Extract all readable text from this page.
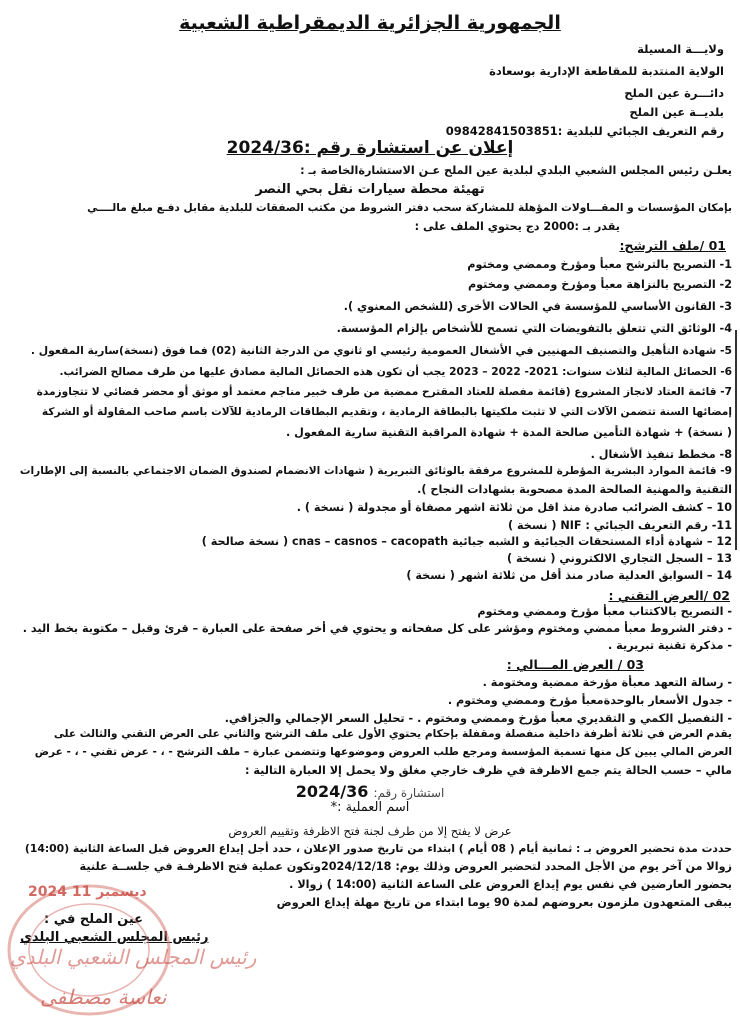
الجمهورية الجزائرية الديمقراطية الشعبية
ولايـــة المسيلة
الولاية المنتدبة للمقاطعة الإدارية بوسعادة
دائـــرة عين الملح
بلديــة عين الملح
رقم التعريف الجبائي للبلدية :09842841503851
إعلان عن استشارة رقم :2024/36
يعلـن رئيس المجلس الشعبي البلدي لبلدية عين الملح عـن الاستشارةالخاصة بـ :
تهيئة محطة سيارات نقل بحي النصر
بإمكان المؤسسات و المقـــاولات المؤهلة للمشاركة سحب دفتر الشروط من مكتب الصفقات للبلدية مقابل دفـع مبلغ مالــــي
يقدر بـ :2000 دج يحتوي الملف على :
01 /ملف الترشح:
1- التصريح بالترشح معبأ ومؤرخ وممضي ومختوم
2- التصريح بالنزاهة معبأ ومؤرخ وممضي ومختوم
3- القانون الأساسي للمؤسسة في الحالات الأخرى (للشخص المعنوي ).
4- الوثائق التي تتعلق بالتفويضات التي تسمح للأشخاص بإلزام المؤسسة.
5- شهادة التأهيل والتصنيف المهنيين في الأشغال العمومية رئيسي او ثانوي من الدرجة الثانية (02) فما فوق (نسخة)سارية المفعول .
6- الحصائل المالية لثلاث سنوات: 2021- 2022 – 2023 يجب أن تكون هذه الحصائل المالية مصادق عليها من طرف مصالح الضرائب.
7- قائمة العتاد لانجاز المشروع (قائمة مفصلة للعتاد المقترح ممضية من طرف خبير مناجم معتمد أو موثق أو محضر قضائي لا تتجاوزمدة
إمضائها السنة تتضمن الآلات التي لا تثبت ملكيتها بالبطاقة الرمادية ، وتقديم البطاقات الرمادية للآلات باسم صاحب المقاولة أو الشركة
( نسخة) + شهادة التأمين صالحة المدة + شهادة المراقبة التقنية سارية المفعول .
8- مخطط تنفيذ الأشغال .
9- قائمة الموارد البشرية المؤطرة للمشروع مرفقة بالوثائق التبريرية ( شهادات الانضمام لصندوق الضمان الاجتماعي بالنسبة إلى الإطارات
التقنية والمهنية الصالحة المدة مصحوبة بشهادات النجاح ).
10 – كشف الضرائب صادرة منذ اقل من ثلاثة اشهر مصفاة أو مجدولة ( نسخة ) .
11- رقم التعريف الجبائي : NIF ( نسخة )
12 – شهادة أداء المستحقات الجبائية و الشبه جبائية cnas – casnos – cacopath ( نسخة صالحة )
13 – السجل التجاري الالكتروني ( نسخة )
14 – السوابق العدلية صادر منذ أقل من ثلاثة اشهر ( نسخة )
02 /العرض التقني :
- التصريح بالاكتتاب معبأ مؤرخ وممضي ومختوم
- دفتر الشروط معبأ ممضي ومختوم ومؤشر على كل صفحاته و يحتوي في أخر صفحة على العبارة – قرئ وقبل – مكتوبة بخط اليد .
- مذكرة تقنية تبريرية .
03 / العرض المـــالي :
- رسالة التعهد معبأة مؤرخة ممضية ومختومة .
- جدول الأسعار بالوحدةمعبأ مؤرخ وممضي ومختوم .
- التفصيل الكمي و التقديري معبأ مؤرخ وممضي ومختوم . - تحليل السعر الإجمالي والجزافي.
يقدم العرض في ثلاثة أظرفة داخلية منفصلة ومقفلة بإحكام يحتوي الأول على ملف الترشح والثاني على العرض التقني والثالث على
العرض المالي يبين كل منها تسمية المؤسسة ومرجع طلب العروض وموضوعها وتتضمن عبارة – ملف الترشح - ، - عرض تقني - ، - عرض
مالي – حسب الحالة يتم جمع الاظرفة في ظرف خارجي مغلق ولا يحمل إلا العبارة التالية :
استشارة رقم: 2024/36
اسم العملية :*
عرض لا يفتح إلا من طرف لجنة فتح الاظرفة وتقييم العروض
حددت مدة تحضير العروض بـ : ثمانية أيام ( 08 أيام ) ابتداء من تاريخ صدور الإعلان ، حدد أجل إيداع العروض قبل الساعة الثانية (14:00)
زوالا من آخر يوم من الأجل المحدد لتحضير العروض وذلك يوم: 2024/12/18وتكون عملية فتح الاظرفـة في جلســة علنية
بحضور العارضين في نفس يوم إيداع العروض على الساعة الثانية (14:00 ) زوالا .
يبقى المتعهدون ملزمون بعروضهم لمدة 90 يوما ابتداء من تاريخ مهلة إيداع العروض
عين الملح في :
رئيس المجلس الشعبي البلدي
2024 ديسمبر 11
رئيس المجلس الشعبي البلدي
نعاسة مصطفى
